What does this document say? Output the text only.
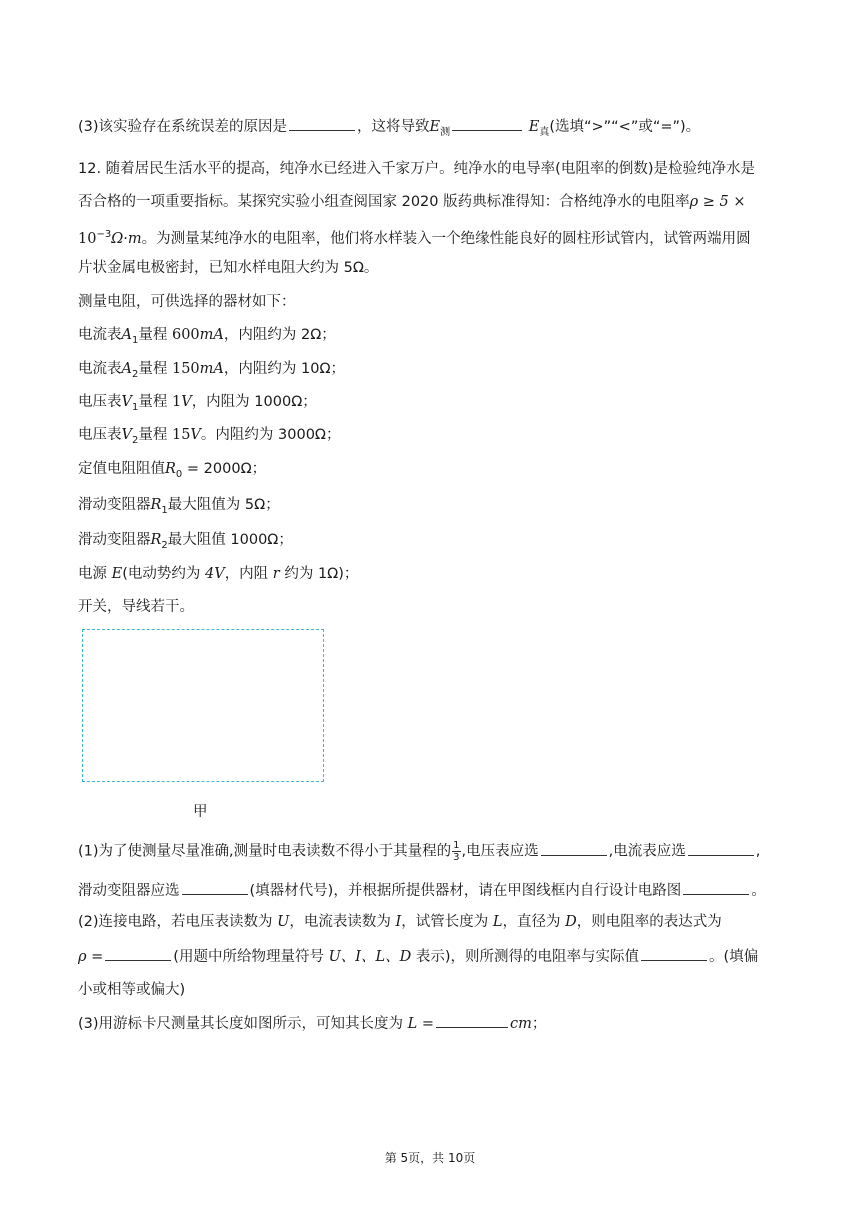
(3)该实验存在系统误差的原因是	，这将导致$E_测$	$E_真$(选填“>”“<”或“=”)。
12. 随着居民生活水平的提高，纯净水已经进入千家万户。纯净水的电导率(电阻率的倒数)是检验纯净水是
否合格的一项重要指标。某探究实验小组查阅国家 2020 版药典标准得知：合格纯净水的电阻率ρ ≥ 5 ×
$10^{-3}\Omega\cdot m$。为测量某纯净水的电阻率，他们将水样装入一个绝缘性能良好的圆柱形试管内，试管两端用圆
片状金属电极密封，已知水样电阻大约为 5Ω。
测量电阻，可供选择的器材如下：
电流表$A_1$量程 600mA，内阻约为 2Ω；
电流表$A_2$量程 150mA，内阻约为 10Ω；
电压表$V_1$量程 1V，内阻为 1000Ω；
电压表$V_2$量程 15V。内阻约为 3000Ω；
定值电阻阻值$R_0 = 2000\Omega$；
滑动变阻器$R_1$最大阻值为 5Ω；
滑动变阻器$R_2$最大阻值 1000Ω；
电源 E(电动势约为 4V，内阻 r 约为 1Ω)；
开关，导线若干。
甲
(1)为了使测量尽量准确,测量时电表读数不得小于其量程的 $\frac{1}{3}$ ,电压表应选	,电流表应选	,
滑动变阻器应选	(填器材代号)，并根据所提供器材，请在甲图线框内自行设计电路图	。
(2)连接电路，若电压表读数为 U，电流表读数为 I，试管长度为 L，直径为 D，则电阻率的表达式为
ρ =	(用题中所给物理量符号 U、I、L、D 表示)，则所测得的电阻率与实际值	。(填偏
小或相等或偏大)
(3)用游标卡尺测量其长度如图所示，可知其长度为 L =	cm；
第 5页，共 10页
